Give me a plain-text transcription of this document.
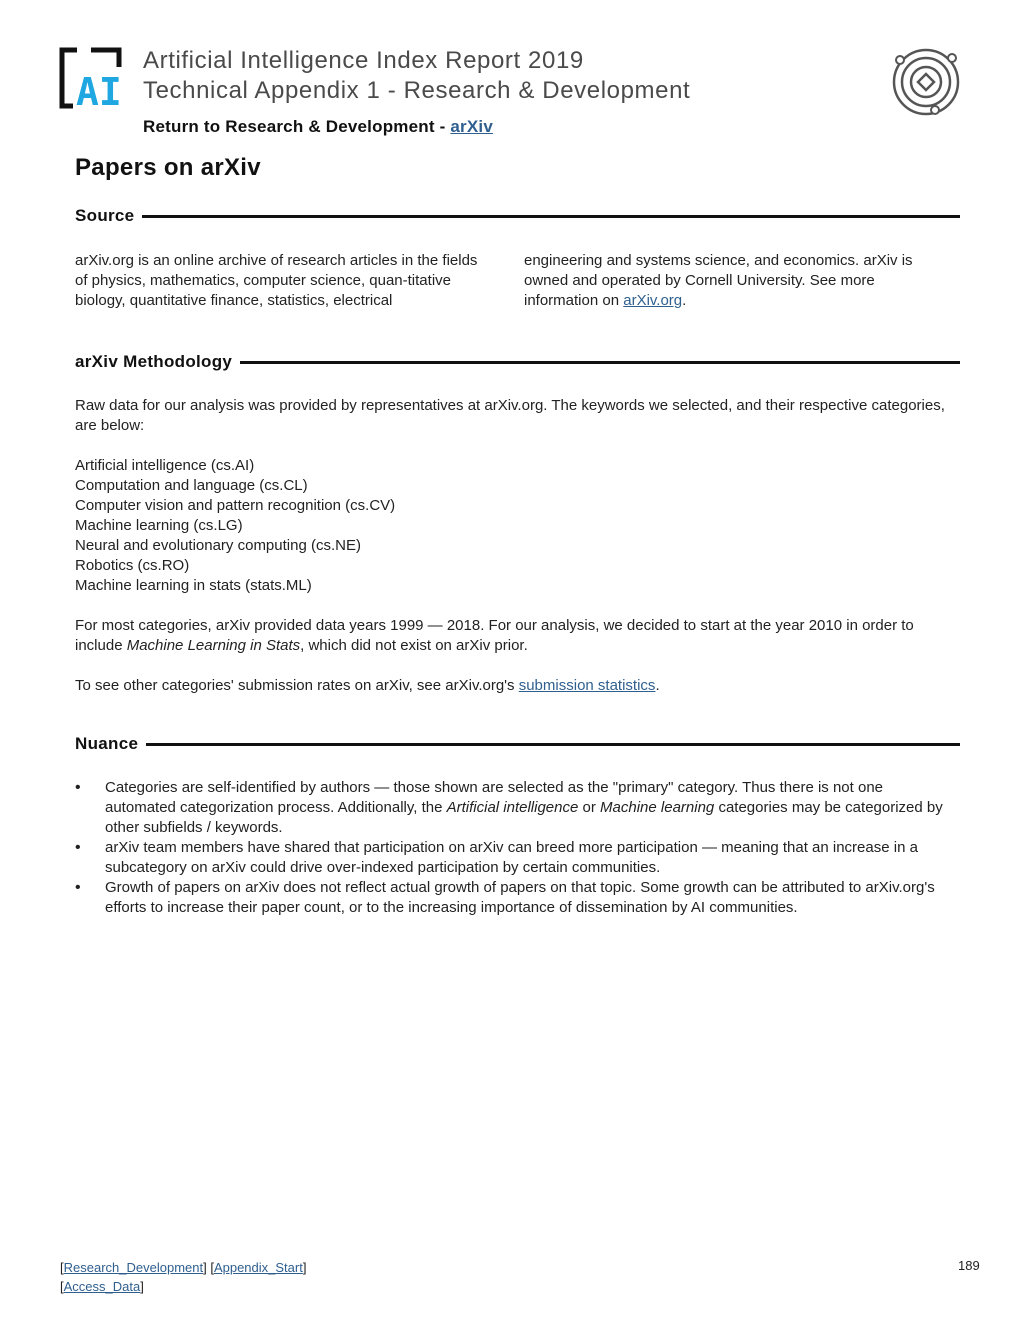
AI
Artificial Intelligence Index Report 2019
Technical Appendix 1 - Research & Development
Return to Research & Development - arXiv
Papers on arXiv
Source
arXiv.org is an online archive of research articles in the fields of physics, mathematics, computer science, quan-titative biology, quantitative finance, statistics, electrical
engineering and systems science, and economics. arXiv is owned and operated by Cornell University. See more information on arXiv.org.
arXiv Methodology

Raw data for our analysis was provided by representatives at arXiv.org. The keywords we selected, and their respective categories, are below:

Artificial intelligence (cs.AI)
Computation and language (cs.CL)
Computer vision and pattern recognition (cs.CV)
Machine learning (cs.LG)
Neural and evolutionary computing (cs.NE)
Robotics (cs.RO)
Machine learning in stats (stats.ML)

For most categories, arXiv provided data years 1999 — 2018. For our analysis, we decided to start at the year 2010 in order to include Machine Learning in Stats, which did not exist on arXiv prior.

To see other categories' submission rates on arXiv, see arXiv.org's submission statistics.

Nuance
• Categories are self-identified by authors — those shown are selected as the "primary" category. Thus there is not one automated categorization process. Additionally, the Artificial intelligence or Machine learning categories may be categorized by other subfields / keywords.
• arXiv team members have shared that participation on arXiv can breed more participation — meaning that an increase in a subcategory on arXiv could drive over-indexed participation by certain communities.
• Growth of papers on arXiv does not reflect actual growth of papers on that topic. Some growth can be attributed to arXiv.org's efforts to increase their paper count, or to the increasing importance of dissemination by AI communities.
[Research_Development] [Appendix_Start]
[Access_Data]
189
